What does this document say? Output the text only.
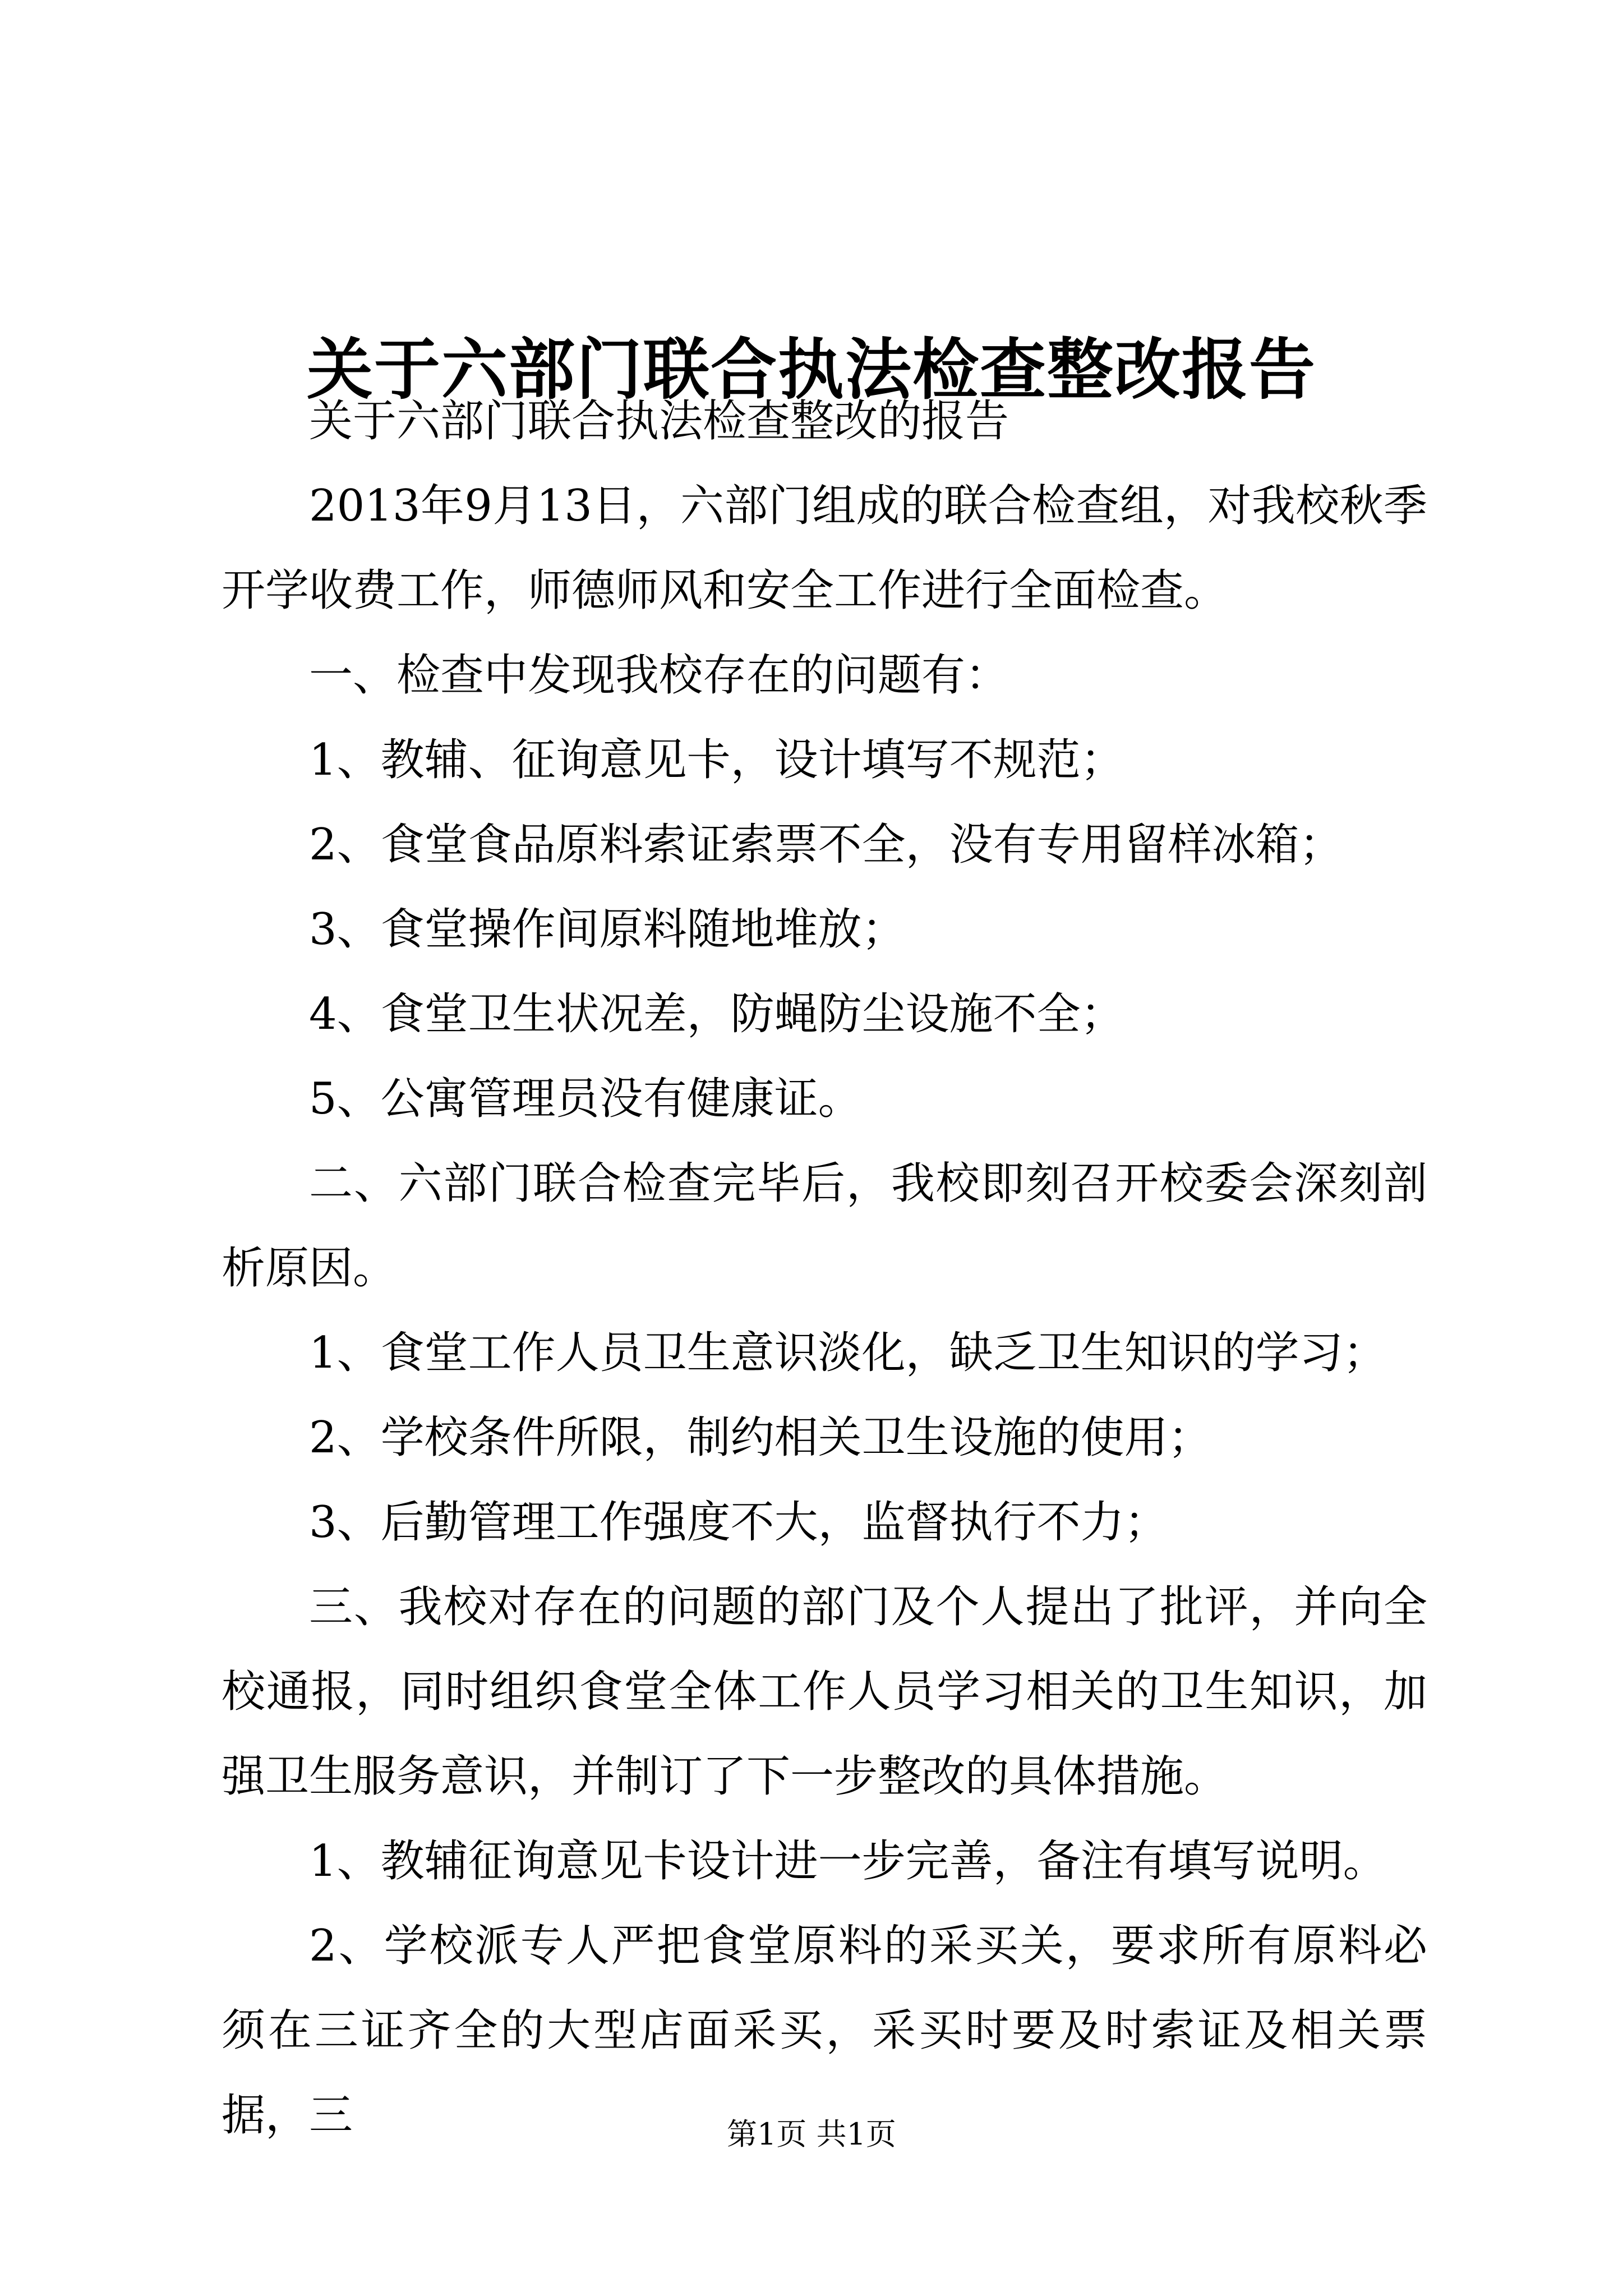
关于六部门联合执法检查整改报告

关于六部门联合执法检查整改的报告

2013年9月13日，六部门组成的联合检查组，对我校秋季开学收费工作，师德师风和安全工作进行全面检查。

一、检查中发现我校存在的问题有：

1、教辅、征询意见卡，设计填写不规范；

2、食堂食品原料索证索票不全，没有专用留样冰箱；

3、食堂操作间原料随地堆放；

4、食堂卫生状况差，防蝇防尘设施不全；

5、公寓管理员没有健康证。

二、六部门联合检查完毕后，我校即刻召开校委会深刻剖析原因。

1、食堂工作人员卫生意识淡化，缺乏卫生知识的学习；

2、学校条件所限，制约相关卫生设施的使用；

3、后勤管理工作强度不大，监督执行不力；

三、我校对存在的问题的部门及个人提出了批评，并向全校通报，同时组织食堂全体工作人员学习相关的卫生知识，加强卫生服务意识，并制订了下一步整改的具体措施。

1、教辅征询意见卡设计进一步完善，备注有填写说明。

2、学校派专人严把食堂原料的采买关，要求所有原料必须在三证齐全的大型店面采买，采买时要及时索证及相关票据，三	第1页 共1页
